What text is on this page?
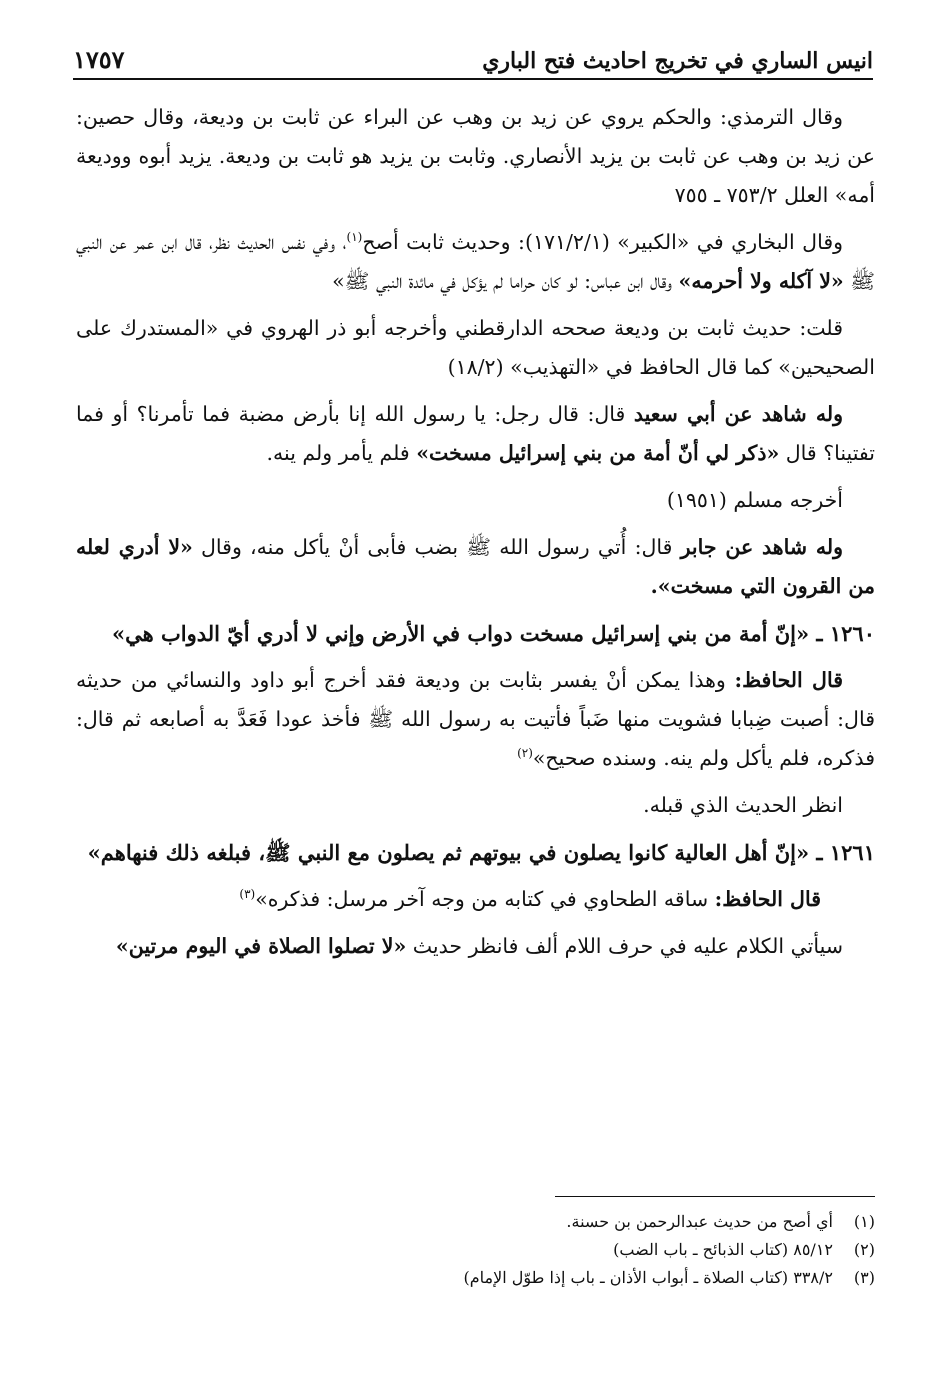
انيس الساري في تخريج احاديث فتح الباري
١٧٥٧

وقال الترمذي: والحكم يروي عن زيد بن وهب عن البراء عن ثابت بن وديعة، وقال حصين: عن زيد بن وهب عن ثابت بن يزيد الأنصاري. وثابت بن يزيد هو ثابت بن وديعة. يزيد أبوه ووديعة أمه» العلل ٧٥٣/٢ ـ ٧٥٥

وقال البخاري في «الكبير» (١٧١/٢/١): وحديث ثابت أصح$^{(١)}$، وفي نفس الحديث نظر، قال ابن عمر عن النبي ﷺ «لا آكله ولا أحرمه» وقال ابن عباس: لو كان حراما لم يؤكل في مائدة النبي ﷺ»

قلت: حديث ثابت بن وديعة صححه الدارقطني وأخرجه أبو ذر الهروي في «المستدرك على الصحيحين» كما قال الحافظ في «التهذيب» (١٨/٢)

وله شاهد عن أبي سعيد قال: قال رجل: يا رسول الله إنا بأرض مضبة فما تأمرنا؟ أو فما تفتينا؟ قال «ذكر لي أنّ أمة من بني إسرائيل مسخت» فلم يأمر ولم ينه.

أخرجه مسلم (١٩٥١)

وله شاهد عن جابر قال: أُتي رسول الله ﷺ بضب فأبى أنْ يأكل منه، وقال «لا أدري لعله من القرون التي مسخت».

١٢٦٠ ـ «إنّ أمة من بني إسرائيل مسخت دواب في الأرض وإني لا أدري أيّ الدواب هي»

قال الحافظ: وهذا يمكن أنْ يفسر بثابت بن وديعة فقد أخرج أبو داود والنسائي من حديثه قال: أصبت ضِبابا فشويت منها ضَباً فأتيت به رسول الله ﷺ فأخذ عودا فَعَدَّ به أصابعه ثم قال: فذكره، فلم يأكل ولم ينه. وسنده صحيح»$^{(٢)}$

انظر الحديث الذي قبله.

١٢٦١ ـ «إنّ أهل العالية كانوا يصلون في بيوتهم ثم يصلون مع النبي ﷺ، فبلغه ذلك فنهاهم»

قال الحافظ: ساقه الطحاوي في كتابه من وجه آخر مرسل: فذكره»$^{(٣)}$

سيأتي الكلام عليه في حرف اللام ألف فانظر حديث «لا تصلوا الصلاة في اليوم مرتين»

(١)
أي أصح من حديث عبدالرحمن بن حسنة.
(٢)
٨٥/١٢ (كتاب الذبائح ـ باب الضب)
(٣)
٣٣٨/٢ (كتاب الصلاة ـ أبواب الأذان ـ باب إذا طوّل الإمام)
